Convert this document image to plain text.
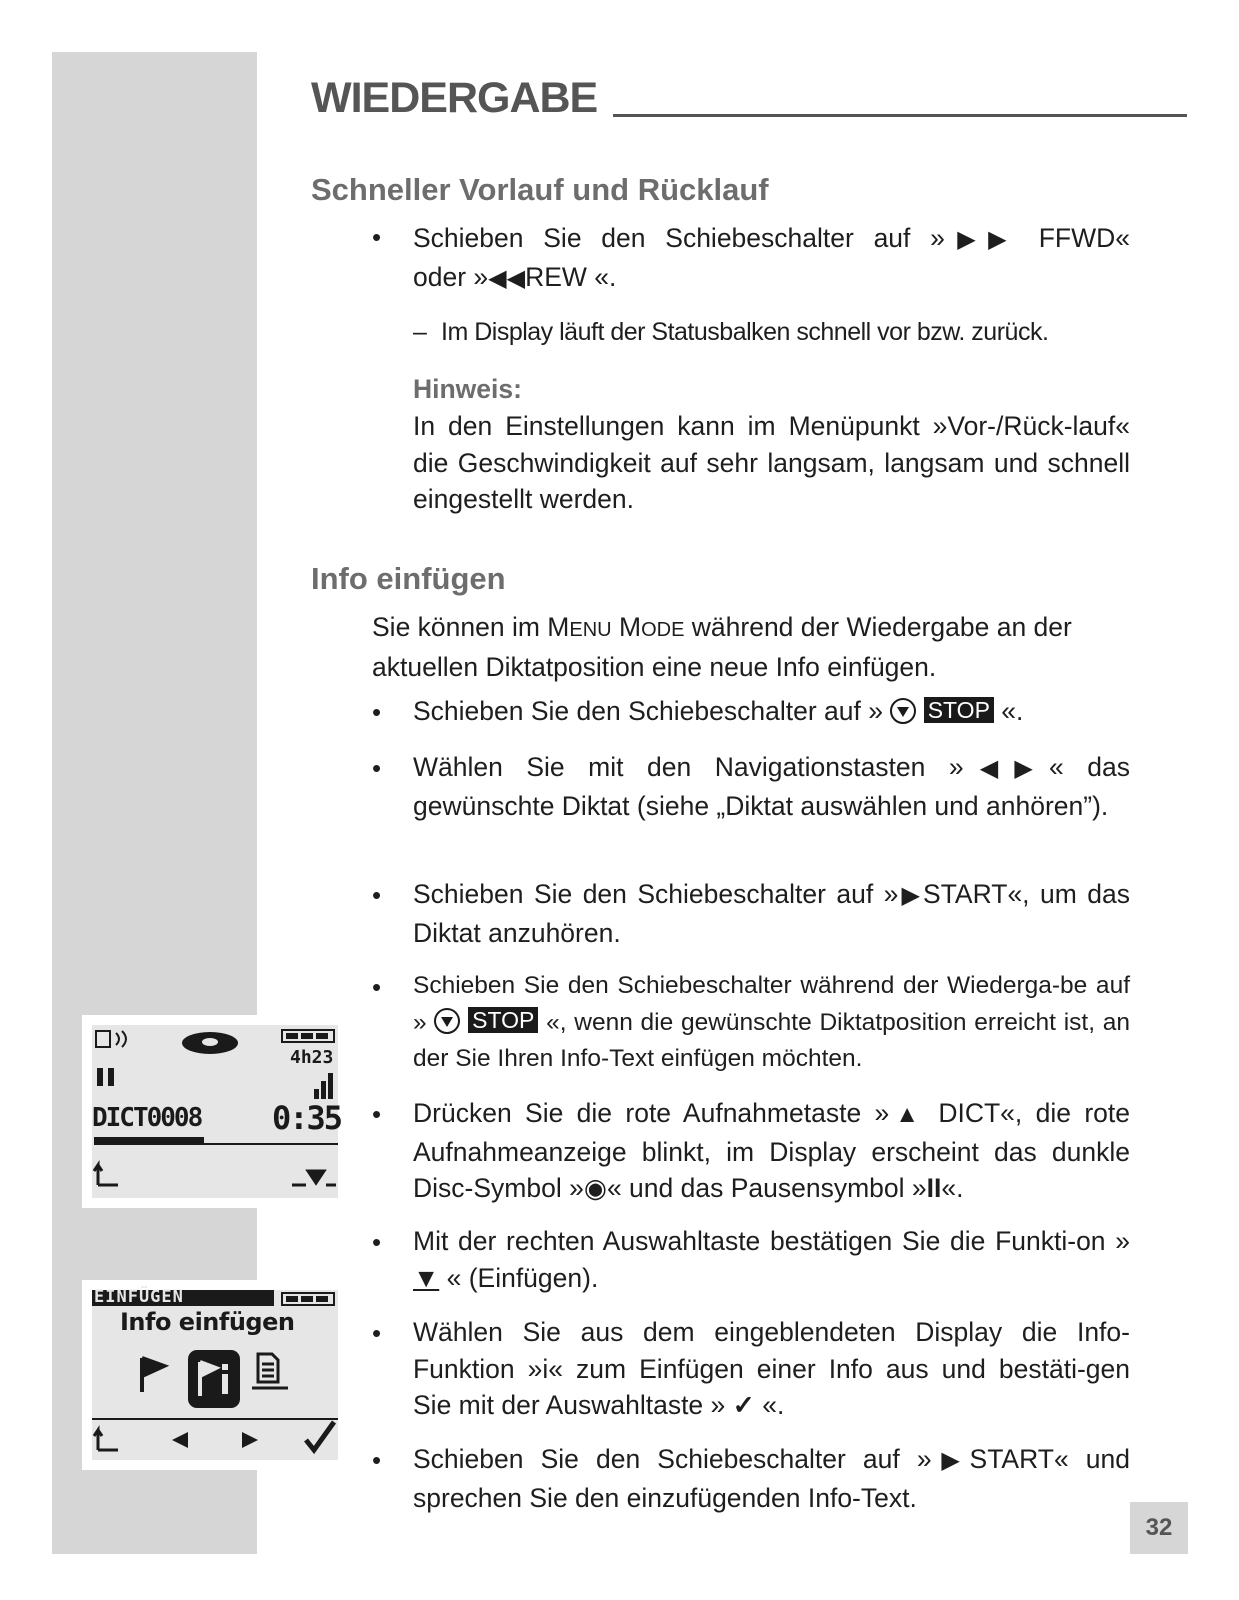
WIEDERGABE
Schneller Vorlauf und Rücklauf
• Schieben Sie den Schiebeschalter auf »▶▶ FFWD«
oder »◀◀REW «.
– Im Display läuft der Statusbalken schnell vor bzw. zurück.
Hinweis:
In den Einstellungen kann im Menüpunkt »Vor-/Rück-lauf« die Geschwindigkeit auf sehr langsam, langsam und schnell eingestellt werden.
Info einfügen
Sie können im MENU MODE während der Wiedergabe an der aktuellen Diktatposition eine neue Info einfügen.
• Schieben Sie den Schiebeschalter auf »  STOP «.
• Wählen Sie mit den Navigationstasten »◀▶« das gewünschte Diktat (siehe „Diktat auswählen und anhören”).
• Schieben Sie den Schiebeschalter auf »▶START«, um das Diktat anzuhören.
• Schieben Sie den Schiebeschalter während der Wiederga-be auf »  STOP «, wenn die gewünschte Diktatposition erreicht ist, an der Sie Ihren Info-Text einfügen möchten.
• Drücken Sie die rote Aufnahmetaste »▲ DICT«, die rote Aufnahmeanzeige blinkt, im Display erscheint das dunkle Disc-Symbol »◉« und das Pausensymbol »II«.
• Mit der rechten Auswahltaste bestätigen Sie die Funkti-on » ▼ « (Einfügen).
• Wählen Sie aus dem eingeblendeten Display die Info-Funktion »i« zum Einfügen einer Info aus und bestäti-gen Sie mit der Auswahltaste » ✓ «.
• Schieben Sie den Schiebeschalter auf »▶START« und sprechen Sie den einzufügenden Info-Text.
4h23
DICT0008 0:35
EINFÜGEN
Info einfügen
32
